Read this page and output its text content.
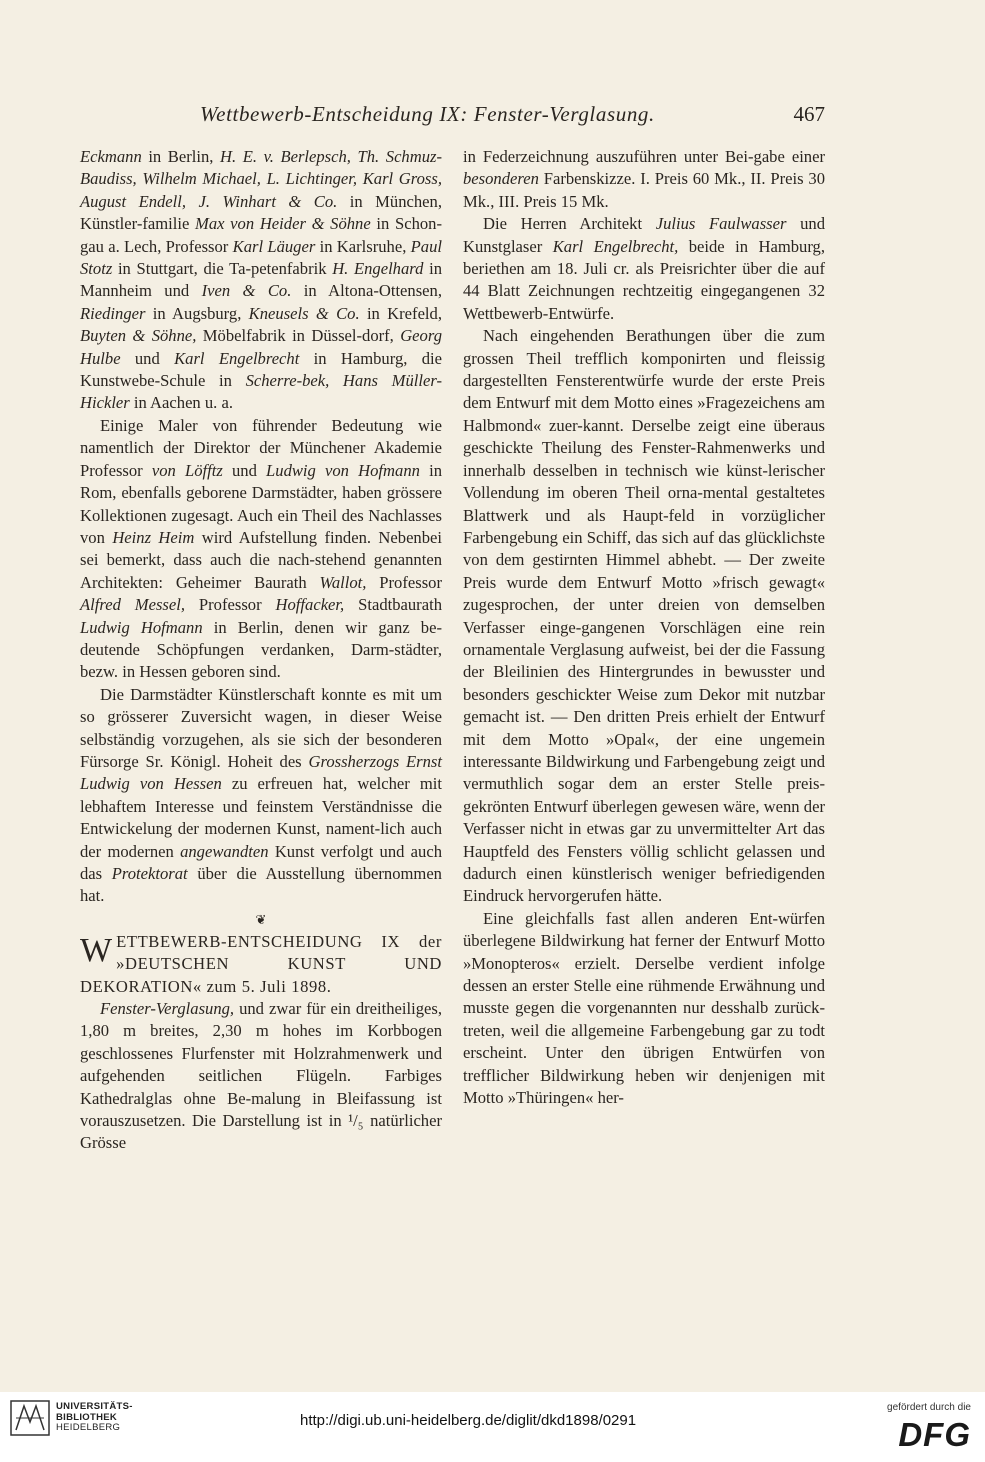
Wettbewerb-Entscheidung IX: Fenster-Verglasung.	467

Eckmann in Berlin, H. E. v. Berlepsch, Th. Schmuz-Baudiss, Wilhelm Michael, L. Lichtinger, Karl Gross, August Endell, J. Winhart & Co. in München, Künstler-familie Max von Heider & Söhne in Schon-gau a. Lech, Professor Karl Läuger in Karlsruhe, Paul Stotz in Stuttgart, die Ta-petenfabrik H. Engelhard in Mannheim und Iven & Co. in Altona-Ottensen, Riedinger in Augsburg, Kneusels & Co. in Krefeld, Buyten & Söhne, Möbelfabrik in Düssel-dorf, Georg Hulbe und Karl Engelbrecht in Hamburg, die Kunstwebe-Schule in Scherre-bek, Hans Müller-Hickler in Aachen u. a.

Einige Maler von führender Bedeutung wie namentlich der Direktor der Münchener Akademie Professor von Löfftz und Ludwig von Hofmann in Rom, ebenfalls geborene Darmstädter, haben grössere Kollektionen zugesagt. Auch ein Theil des Nachlasses von Heinz Heim wird Aufstellung finden. Nebenbei sei bemerkt, dass auch die nach-stehend genannten Architekten: Geheimer Baurath Wallot, Professor Alfred Messel, Professor Hoffacker, Stadtbaurath Ludwig Hofmann in Berlin, denen wir ganz be-deutende Schöpfungen verdanken, Darm-städter, bezw. in Hessen geboren sind.

Die Darmstädter Künstlerschaft konnte es mit um so grösserer Zuversicht wagen, in dieser Weise selbständig vorzugehen, als sie sich der besonderen Fürsorge Sr. Königl. Hoheit des Grossherzogs Ernst Ludwig von Hessen zu erfreuen hat, welcher mit lebhaftem Interesse und feinstem Verständnisse die Entwickelung der modernen Kunst, nament-lich auch der modernen angewandten Kunst verfolgt und auch das Protektorat über die Ausstellung übernommen hat.

❦

WETTBEWERB-ENTSCHEIDUNG IX der »DEUTSCHEN KUNST UND DEKORATION« zum 5. Juli 1898.

Fenster-Verglasung, und zwar für ein dreitheiliges, 1,80 m breites, 2,30 m hohes im Korbbogen geschlossenes Flurfenster mit Holzrahmenwerk und aufgehenden seitlichen Flügeln. Farbiges Kathedralglas ohne Be-malung in Bleifassung ist vorauszusetzen. Die Darstellung ist in ¹/₅ natürlicher Grösse

in Federzeichnung auszuführen unter Bei-gabe einer besonderen Farbenskizze. I. Preis 60 Mk., II. Preis 30 Mk., III. Preis 15 Mk.

Die Herren Architekt Julius Faulwasser und Kunstglaser Karl Engelbrecht, beide in Hamburg, beriethen am 18. Juli cr. als Preisrichter über die auf 44 Blatt Zeichnungen rechtzeitig eingegangenen 32 Wettbewerb-Entwürfe.

Nach eingehenden Berathungen über die zum grossen Theil trefflich komponirten und fleissig dargestellten Fensterentwürfe wurde der erste Preis dem Entwurf mit dem Motto eines »Fragezeichens am Halbmond« zuer-kannt. Derselbe zeigt eine überaus geschickte Theilung des Fenster-Rahmenwerks und innerhalb desselben in technisch wie künst-lerischer Vollendung im oberen Theil orna-mental gestaltetes Blattwerk und als Haupt-feld in vorzüglicher Farbengebung ein Schiff, das sich auf das glücklichste von dem gestirnten Himmel abhebt. — Der zweite Preis wurde dem Entwurf Motto »frisch gewagt« zugesprochen, der unter dreien von demselben Verfasser einge-gangenen Vorschlägen eine rein ornamentale Verglasung aufweist, bei der die Fassung der Bleilinien des Hintergrundes in bewusster und besonders geschickter Weise zum Dekor mit nutzbar gemacht ist. — Den dritten Preis erhielt der Entwurf mit dem Motto »Opal«, der eine ungemein interessante Bildwirkung und Farbengebung zeigt und vermuthlich sogar dem an erster Stelle preis-gekrönten Entwurf überlegen gewesen wäre, wenn der Verfasser nicht in etwas gar zu unvermittelter Art das Hauptfeld des Fensters völlig schlicht gelassen und dadurch einen künstlerisch weniger befriedigenden Eindruck hervorgerufen hätte.

Eine gleichfalls fast allen anderen Ent-würfen überlegene Bildwirkung hat ferner der Entwurf Motto »Monopteros« erzielt. Derselbe verdient infolge dessen an erster Stelle eine rühmende Erwähnung und musste gegen die vorgenannten nur desshalb zurück-treten, weil die allgemeine Farbengebung gar zu todt erscheint. Unter den übrigen Entwürfen von trefflicher Bildwirkung heben wir denjenigen mit Motto »Thüringen« her-

UNIVERSITÄTS-
BIBLIOTHEK
HEIDELBERG	http://digi.ub.uni-heidelberg.de/diglit/dkd1898/0291
gefördert durch die
DFG
